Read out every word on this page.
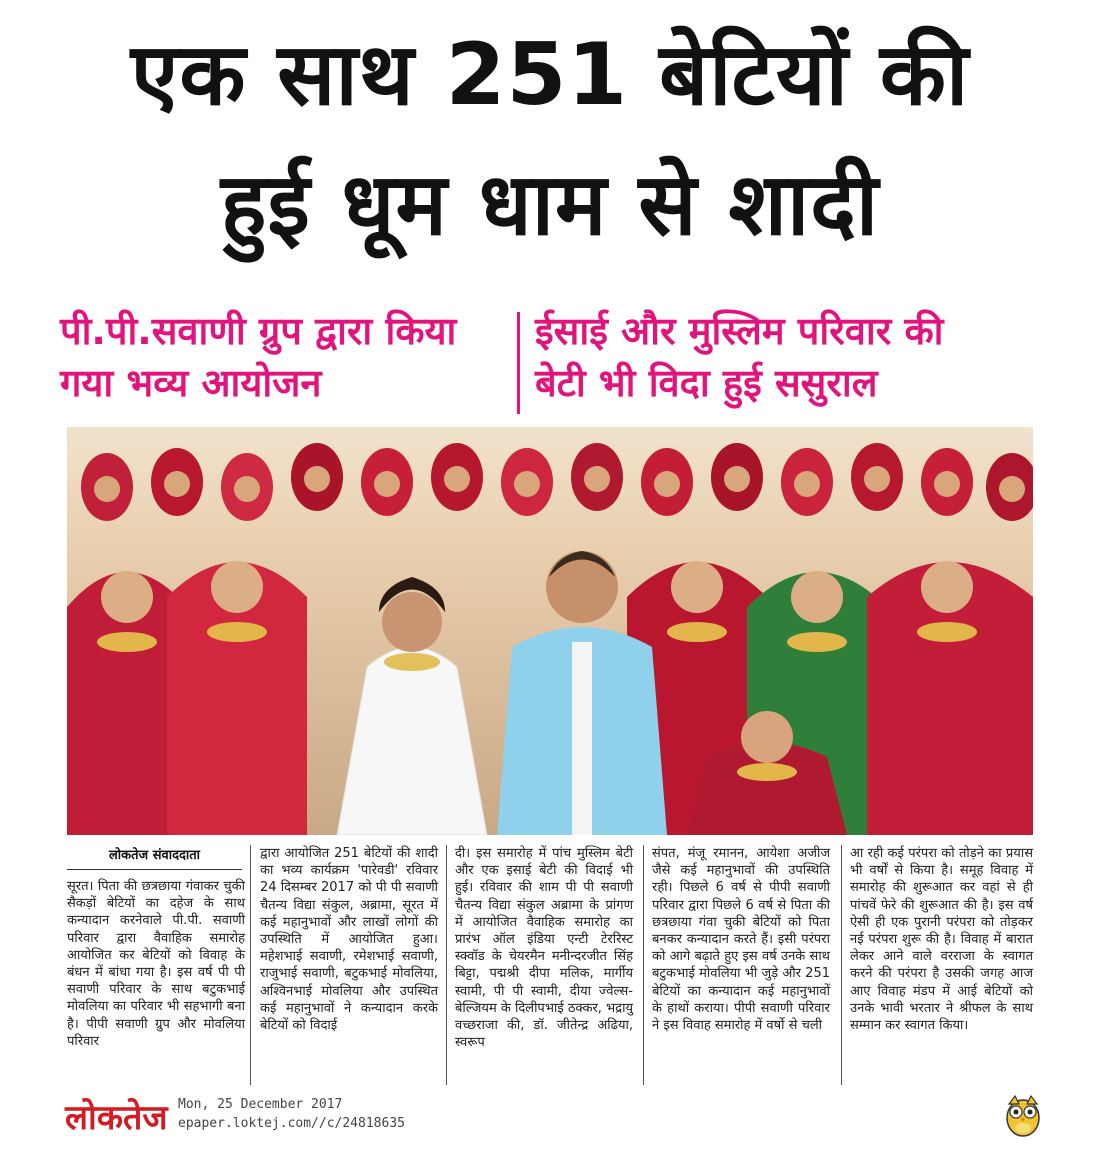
एक साथ 251 बेटियों की
हुई धूम धाम से शादी
पी.पी.सवाणी ग्रुप द्वारा किया
गया भव्य आयोजन
ईसाई और मुस्लिम परिवार की
बेटी भी विदा हुई ससुराल
लोकतेज संवाददाता
सूरत। पिता की छत्रछाया गंवाकर चुकी सैकड़ों बेटियों का दहेज के साथ कन्यादान करनेवाले पी.पी. सवाणी परिवार द्वारा वैवाहिक समारोह आयोजित कर बेटियों को विवाह के बंधन में बांधा गया है। इस वर्ष पी पी सवाणी परिवार के साथ बटुकभाई मोवलिया का परिवार भी सहभागी बना है। पीपी सवाणी ग्रुप और मोवलिया परिवार
द्वारा आयोजित 251 बेटियों की शादी का भव्य कार्यक्रम 'पारेवडी' रविवार 24 दिसम्बर 2017 को पी पी सवाणी चैतन्य विद्या संकुल, अब्रामा, सूरत में कई महानुभावों और लाखों लोगों की उपस्थिति में आयोजित हुआ। महेशभाई सवाणी, रमेशभाई सवाणी, राजुभाई सवाणी, बटुकभाई मोवलिया, अश्विनभाई मोवलिया और उपस्थित कई महानुभावों ने कन्यादान करके बेटियों को विदाई
दी। इस समारोह में पांच मुस्लिम बेटी और एक इसाई बेटी की विदाई भी हुई। रविवार की शाम पी पी सवाणी चैतन्य विद्या संकुल अब्रामा के प्रांगण में आयोजित वैवाहिक समारोह का प्रारंभ ऑल इंडिया एन्टी टेररिस्ट स्क्वॉड के चेयरमैन मनीन्दरजीत सिंह बिट्टा, पद्मश्री दीपा मलिक, मार्गीय स्वामी, पी पी स्वामी, दीया ज्वेल्स- बेल्जियम के दिलीपभाई ठक्कर, भद्रायु वच्छराजा की, डॉ. जीतेन्द्र अढिया, स्वरूप
संपत, मंजू रमानन, आयेशा अजीज जैसे कई महानुभावों की उपस्थिति रही। पिछले 6 वर्ष से पीपी सवाणी परिवार द्वारा पिछले 6 वर्ष से पिता की छत्रछाया गंवा चुकी बेटियों को पिता बनकर कन्यादान करते हैं। इसी परंपरा को आगे बढ़ाते हुए इस वर्ष उनके साथ बटुकभाई मोवलिया भी जुड़े और 251 बेटियों का कन्यादान कई महानुभावों के हाथों कराया। पीपी सवाणी परिवार ने इस विवाह समारोह में वर्षो से चली
आ रही कई परंपरा को तोड़ने का प्रयास भी वर्षों से किया है। समूह विवाह में समारोह की शुरूआत कर वहां से ही पांचवें फेरे की शुरूआत की है। इस वर्ष ऐसी ही एक पुरानी परंपरा को तोड़कर नई परंपरा शुरू की है। विवाह में बारात लेकर आने वाले वरराजा के स्वागत करने की परंपरा है उसकी जगह आज आए विवाह मंडप में आई बेटियों को उनके भावी भरतार ने श्रीफल के साथ सम्मान कर स्वागत किया।
लोकतेज Mon, 25 December 2017
epaper.loktej.com//c/24818635
